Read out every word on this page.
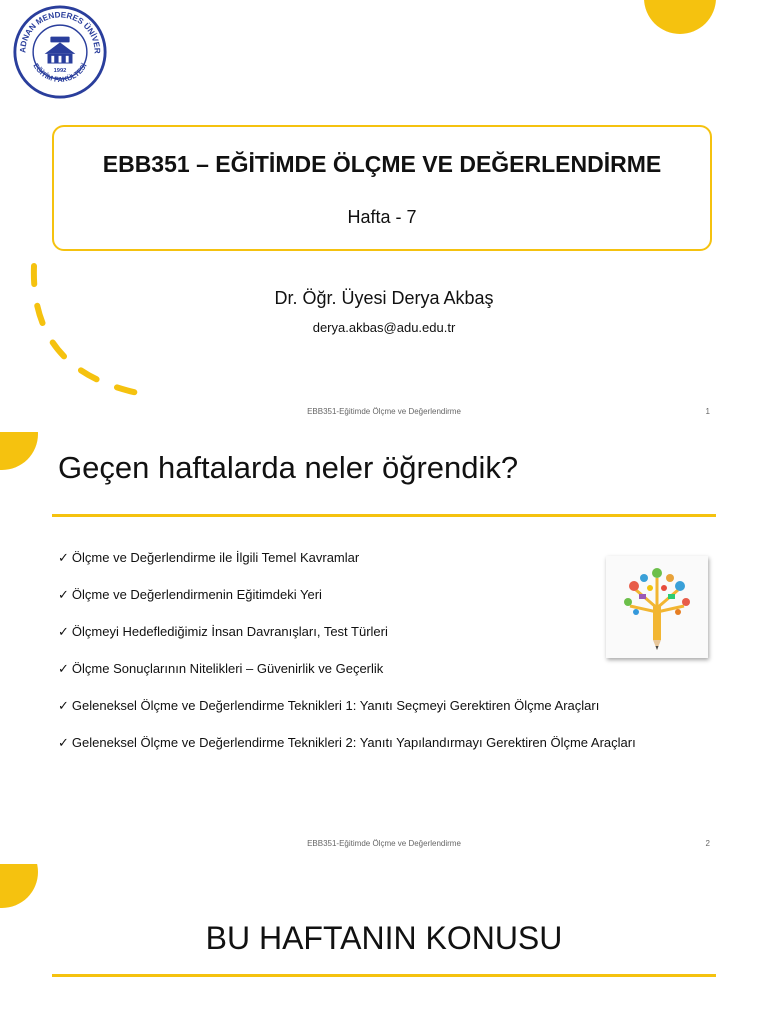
ADNAN MENDERES ÜNİVER
EĞİTİM FAKÜLTESİ
1992
EBB351 – EĞİTİMDE ÖLÇME VE DEĞERLENDİRME
Hafta - 7
Dr. Öğr. Üyesi Derya Akbaş
derya.akbas@adu.edu.tr
EBB351-Eğitimde Ölçme ve Değerlendirme	1
Geçen haftalarda neler öğrendik?
✓ Ölçme ve Değerlendirme ile İlgili Temel Kavramlar
✓ Ölçme ve Değerlendirmenin Eğitimdeki Yeri
✓ Ölçmeyi Hedeflediğimiz İnsan Davranışları, Test Türleri
✓ Ölçme Sonuçlarının Nitelikleri – Güvenirlik ve Geçerlik
✓ Geleneksel Ölçme ve Değerlendirme Teknikleri 1: Yanıtı Seçmeyi Gerektiren Ölçme Araçları
✓ Geleneksel Ölçme ve Değerlendirme Teknikleri 2: Yanıtı Yapılandırmayı Gerektiren Ölçme Araçları
EBB351-Eğitimde Ölçme ve Değerlendirme	2
BU HAFTANIN KONUSU
